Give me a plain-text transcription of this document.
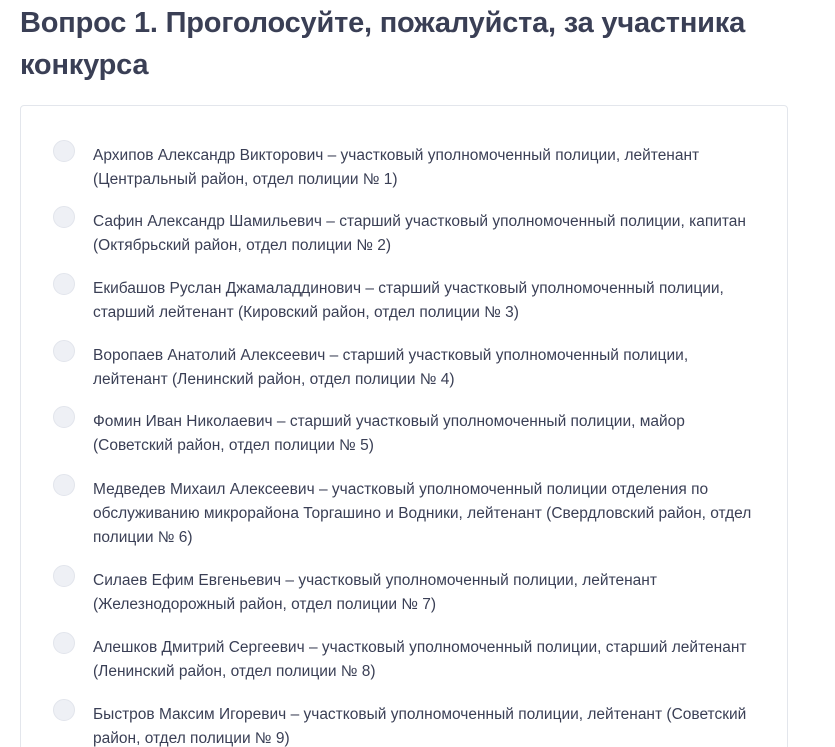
Вопрос 1. Проголосуйте, пожалуйста, за участника конкурса
Архипов Александр Викторович – участковый уполномоченный полиции, лейтенант (Центральный район, отдел полиции № 1)
Сафин Александр Шамильевич – старший участковый уполномоченный полиции, капитан (Октябрьский район, отдел полиции № 2)
Екибашов Руслан Джамаладдинович – старший участковый уполномоченный полиции, старший лейтенант (Кировский район, отдел полиции № 3)
Воропаев Анатолий Алексеевич – старший участковый уполномоченный полиции, лейтенант (Ленинский район, отдел полиции № 4)
Фомин Иван Николаевич – старший участковый уполномоченный полиции, майор (Советский район, отдел полиции № 5)
Медведев Михаил Алексеевич – участковый уполномоченный полиции отделения по обслуживанию микрорайона Торгашино и Водники, лейтенант (Свердловский район, отдел полиции № 6)
Силаев Ефим Евгеньевич – участковый уполномоченный полиции, лейтенант (Железнодорожный район, отдел полиции № 7)
Алешков Дмитрий Сергеевич – участковый уполномоченный полиции, старший лейтенант (Ленинский район, отдел полиции № 8)
Быстров Максим Игоревич – участковый уполномоченный полиции, лейтенант (Советский район, отдел полиции № 9)
